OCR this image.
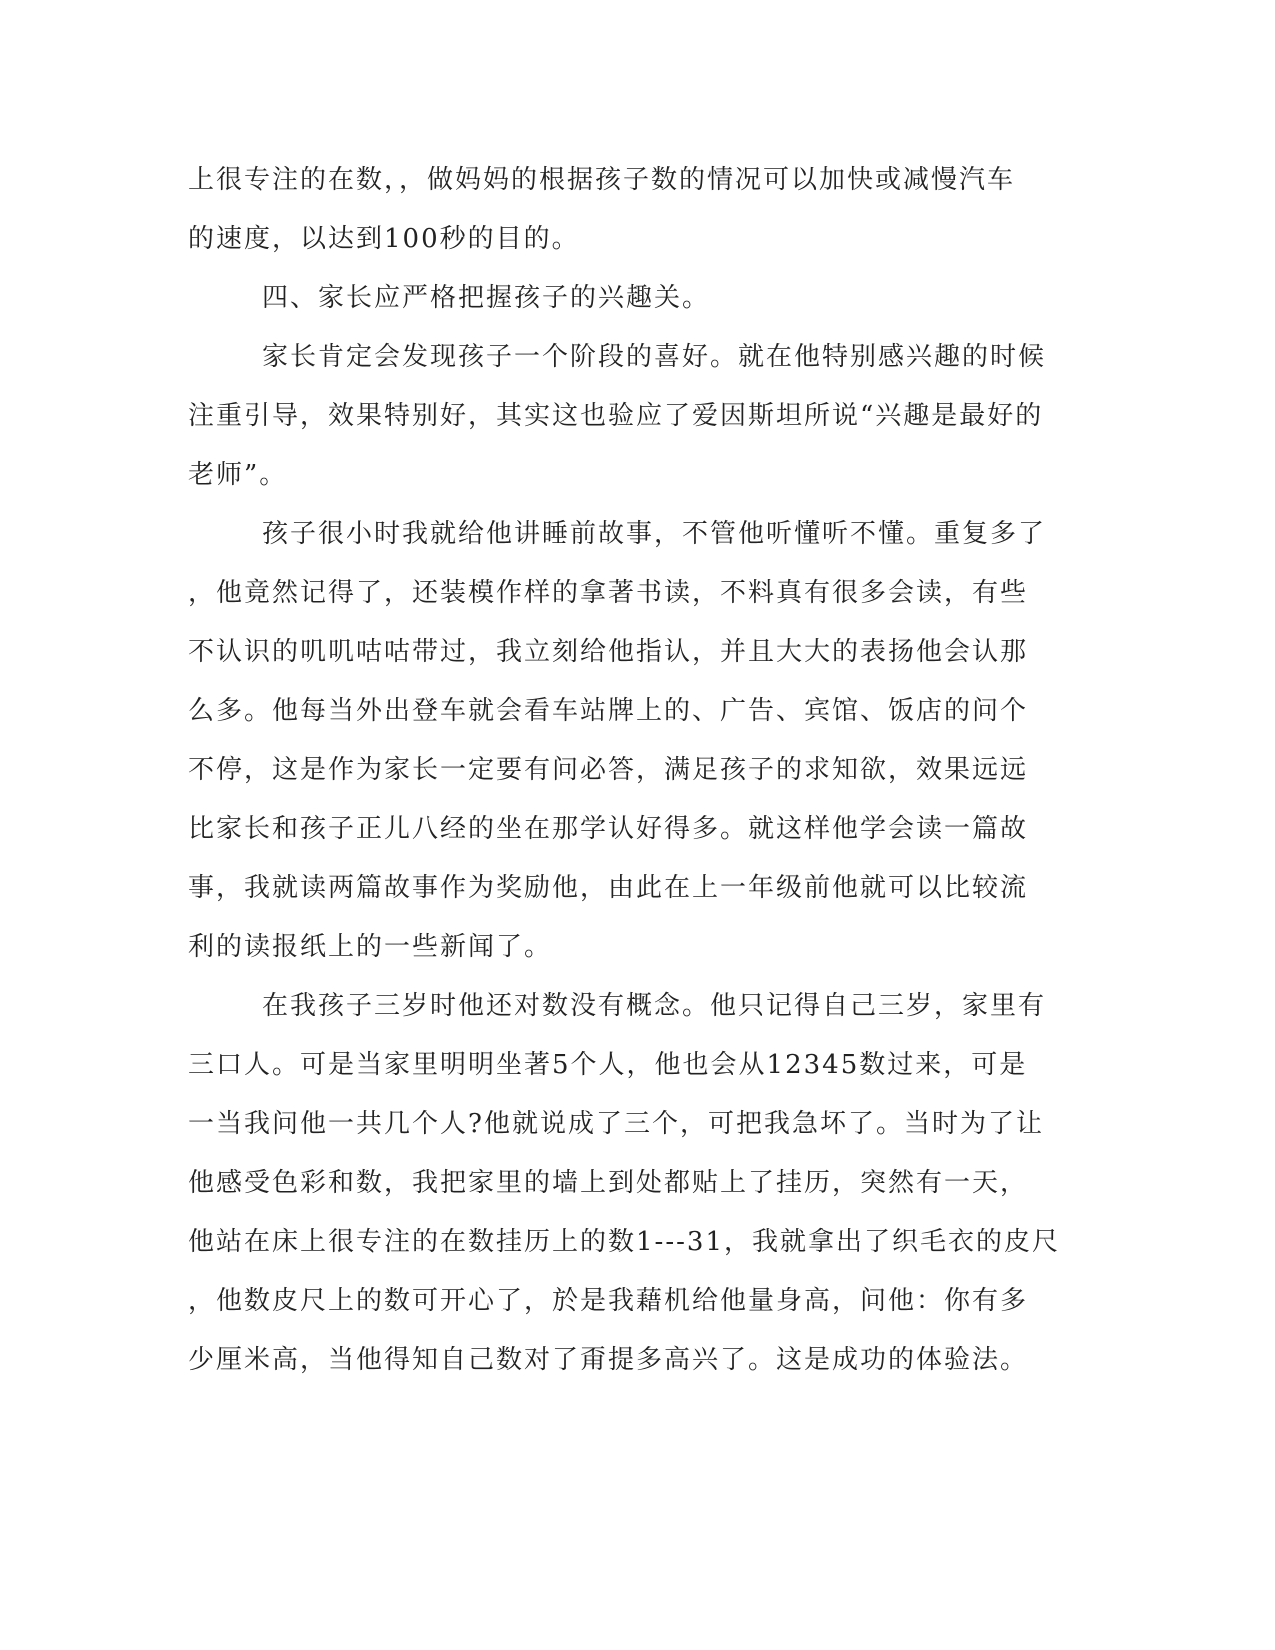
上很专注的在数，，做妈妈的根据孩子数的情况可以加快或减慢汽车
的速度，以达到100秒的目的。
四、家长应严格把握孩子的兴趣关。
家长肯定会发现孩子一个阶段的喜好。就在他特别感兴趣的时候
注重引导，效果特别好，其实这也验应了爱因斯坦所说“兴趣是最好的
老师”。
孩子很小时我就给他讲睡前故事，不管他听懂听不懂。重复多了
，他竟然记得了，还装模作样的拿著书读，不料真有很多会读，有些
不认识的叽叽咕咕带过，我立刻给他指认，并且大大的表扬他会认那
么多。他每当外出登车就会看车站牌上的、广告、宾馆、饭店的问个
不停，这是作为家长一定要有问必答，满足孩子的求知欲，效果远远
比家长和孩子正儿八经的坐在那学认好得多。就这样他学会读一篇故
事，我就读两篇故事作为奖励他，由此在上一年级前他就可以比较流
利的读报纸上的一些新闻了。
在我孩子三岁时他还对数没有概念。他只记得自己三岁，家里有
三口人。可是当家里明明坐著5个人，他也会从12345数过来，可是
一当我问他一共几个人?他就说成了三个，可把我急坏了。当时为了让
他感受色彩和数，我把家里的墙上到处都贴上了挂历，突然有一天，
他站在床上很专注的在数挂历上的数1---31，我就拿出了织毛衣的皮尺
，他数皮尺上的数可开心了，於是我藉机给他量身高，问他：你有多
少厘米高，当他得知自己数对了甭提多高兴了。这是成功的体验法。
